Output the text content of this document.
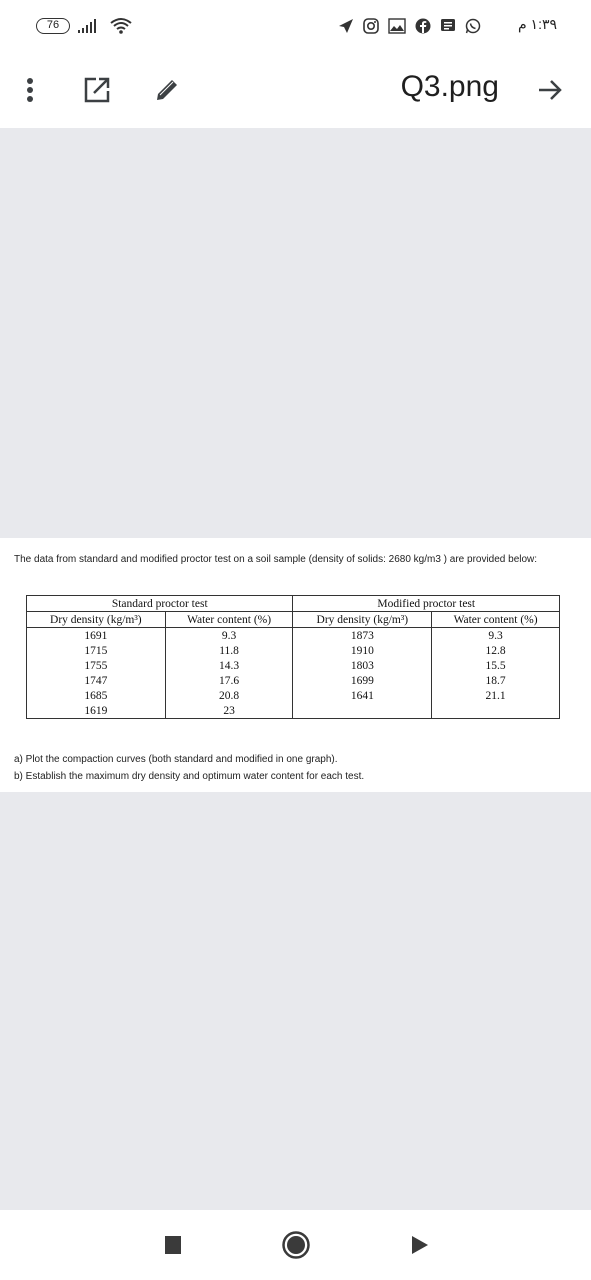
76	١:٣٩ م
Q3.png
The data from standard and modified proctor test on a soil sample (density of solids: 2680 kg/m3 ) are provided below:
Standard proctor test		Modified proctor test	
Dry density (kg/m³)	Water content (%)	Dry density (kg/m³)	Water content (%)
1691	9.3	1873	9.3
1715	11.8	1910	12.8
1755	14.3	1803	15.5
1747	17.6	1699	18.7
1685	20.8	1641	21.1
1619	23		
a) Plot the compaction curves (both standard and modified in one graph).
b) Establish the maximum dry density and optimum water content for each test.
